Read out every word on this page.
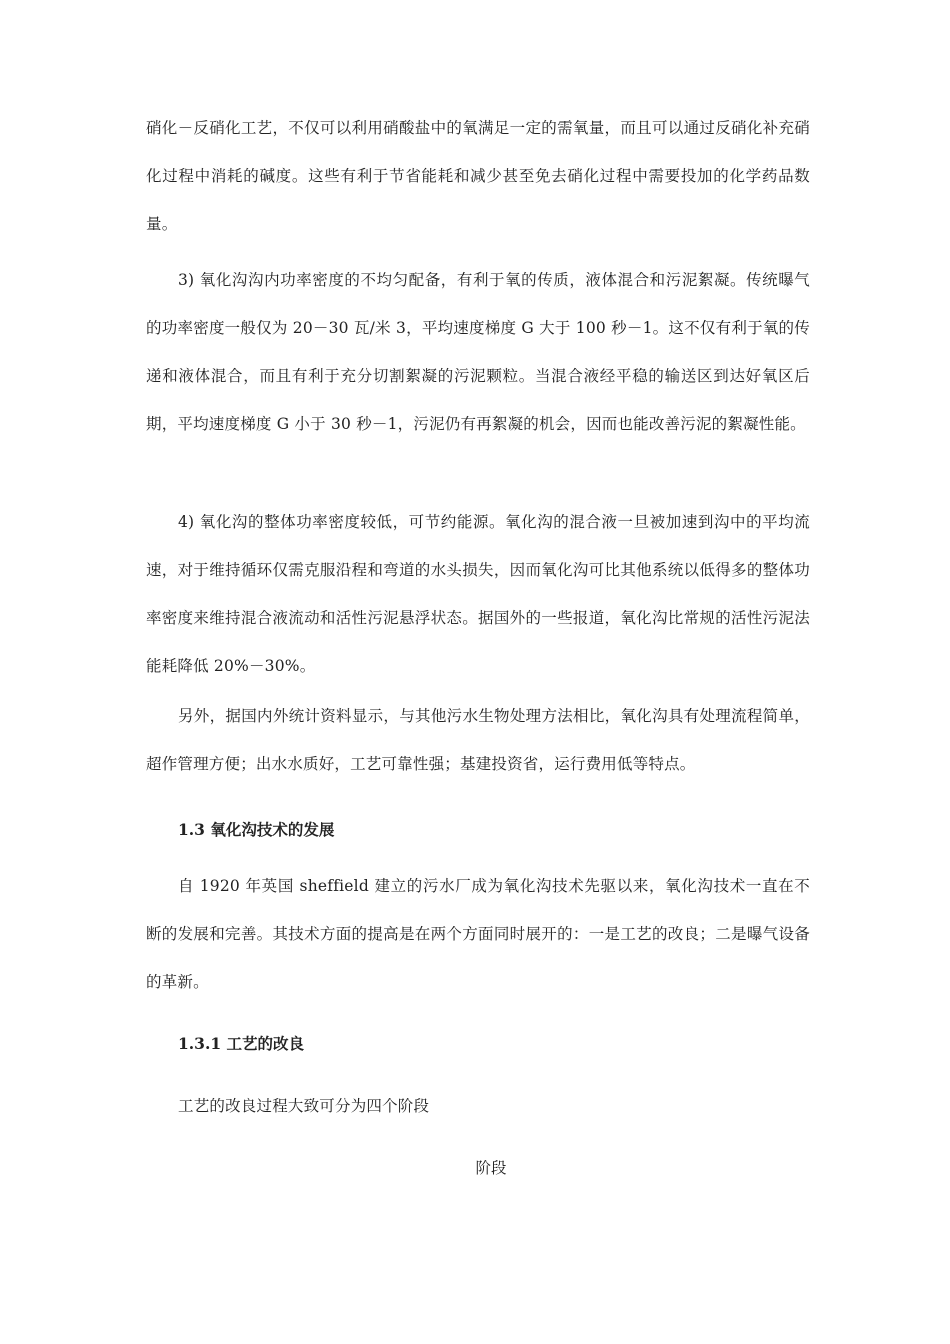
硝化－反硝化工艺，不仅可以利用硝酸盐中的氧满足一定的需氧量，而且可以通过反硝化补充硝化过程中消耗的碱度。这些有利于节省能耗和减少甚至免去硝化过程中需要投加的化学药品数量。

3) 氧化沟沟内功率密度的不均匀配备，有利于氧的传质，液体混合和污泥絮凝。传统曝气的功率密度一般仅为 20－30 瓦/米 3，平均速度梯度 G 大于 100 秒－1。这不仅有利于氧的传递和液体混合，而且有利于充分切割絮凝的污泥颗粒。当混合液经平稳的输送区到达好氧区后期，平均速度梯度 G 小于 30 秒－1，污泥仍有再絮凝的机会，因而也能改善污泥的絮凝性能。

4) 氧化沟的整体功率密度较低，可节约能源。氧化沟的混合液一旦被加速到沟中的平均流速，对于维持循环仅需克服沿程和弯道的水头损失，因而氧化沟可比其他系统以低得多的整体功率密度来维持混合液流动和活性污泥悬浮状态。据国外的一些报道，氧化沟比常规的活性污泥法能耗降低 20%－30%。

另外，据国内外统计资料显示，与其他污水生物处理方法相比，氧化沟具有处理流程简单，超作管理方便；出水水质好，工艺可靠性强；基建投资省，运行费用低等特点。

1.3 氧化沟技术的发展

自 1920 年英国 sheffield 建立的污水厂成为氧化沟技术先驱以来，氧化沟技术一直在不断的发展和完善。其技术方面的提高是在两个方面同时展开的：一是工艺的改良；二是曝气设备的革新。

1.3.1 工艺的改良

工艺的改良过程大致可分为四个阶段

阶段
